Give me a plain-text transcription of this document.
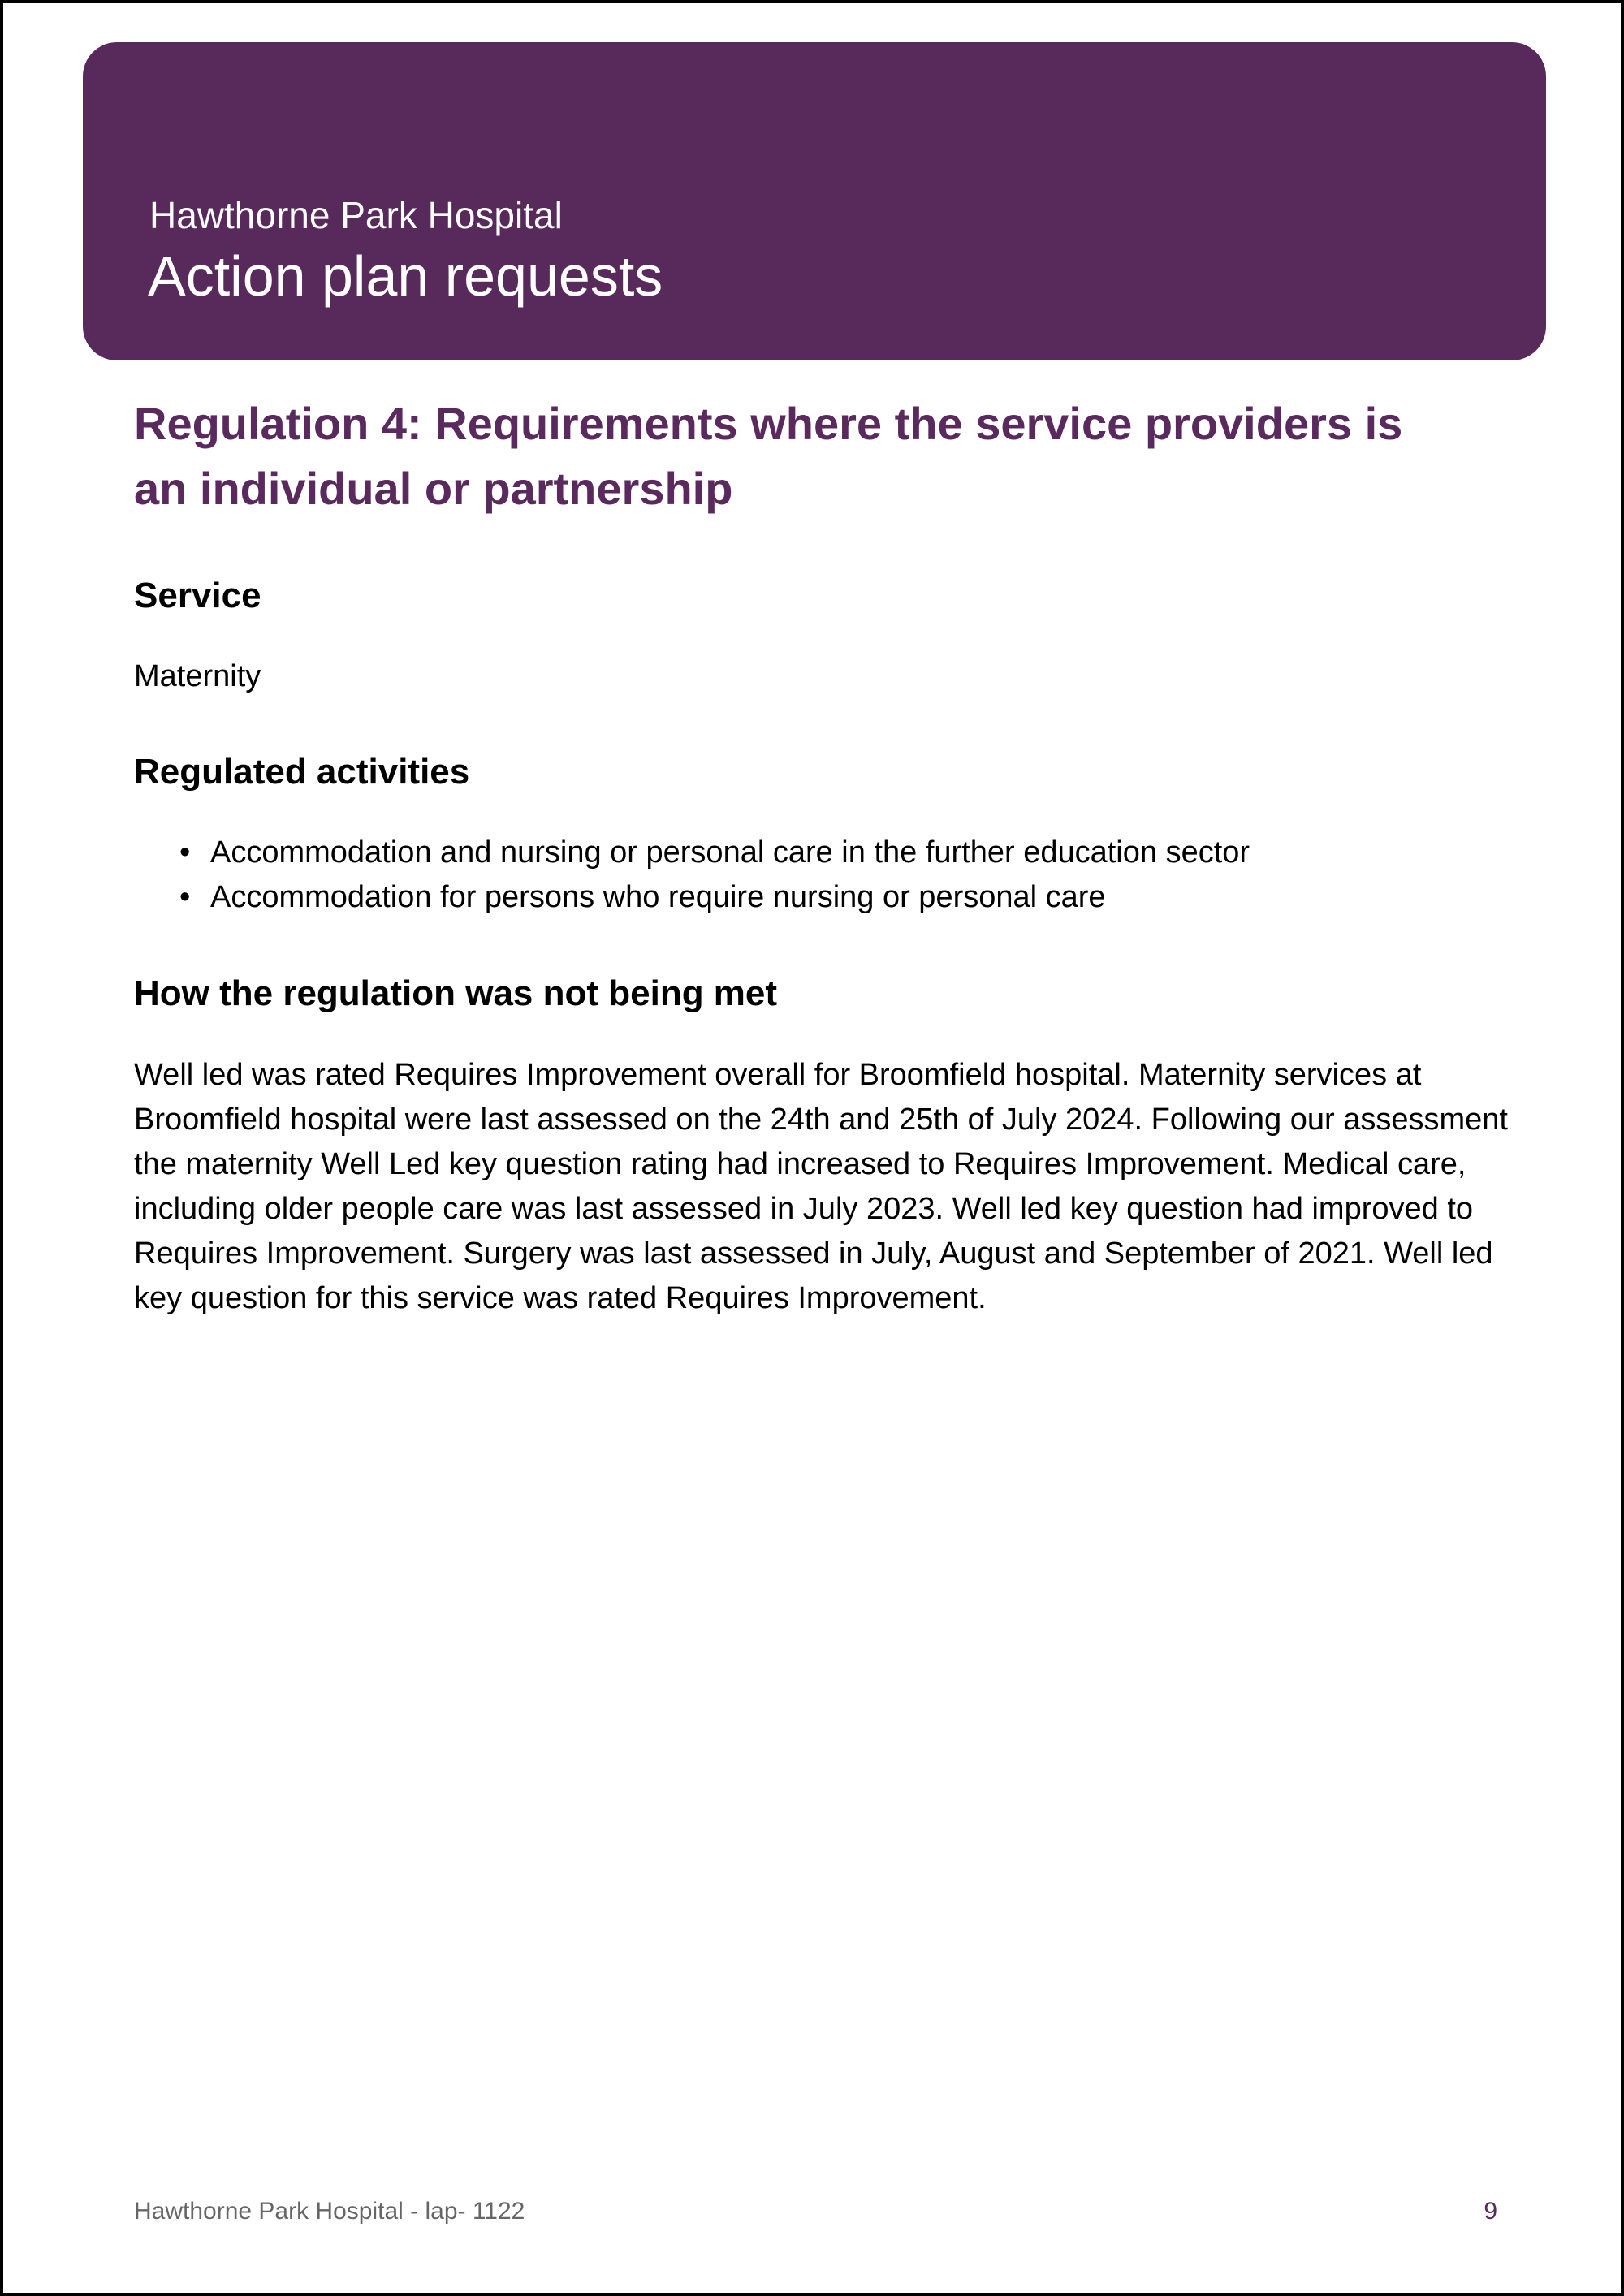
Hawthorne Park Hospital
Action plan requests
Regulation 4: Requirements where the service providers is an individual or partnership
Service

Maternity

Regulated activities
• Accommodation and nursing or personal care in the further education sector
• Accommodation for persons who require nursing or personal care
How the regulation was not being met

Well led was rated Requires Improvement overall for Broomfield hospital. Maternity services at Broomfield hospital were last assessed on the 24th and 25th of July 2024. Following our assessment the maternity Well Led key question rating had increased to Requires Improvement. Medical care, including older people care was last assessed in July 2023. Well led key question had improved to Requires Improvement. Surgery was last assessed in July, August and September of 2021. Well led key question for this service was rated Requires Improvement.

Hawthorne Park Hospital - lap- 1122	9
